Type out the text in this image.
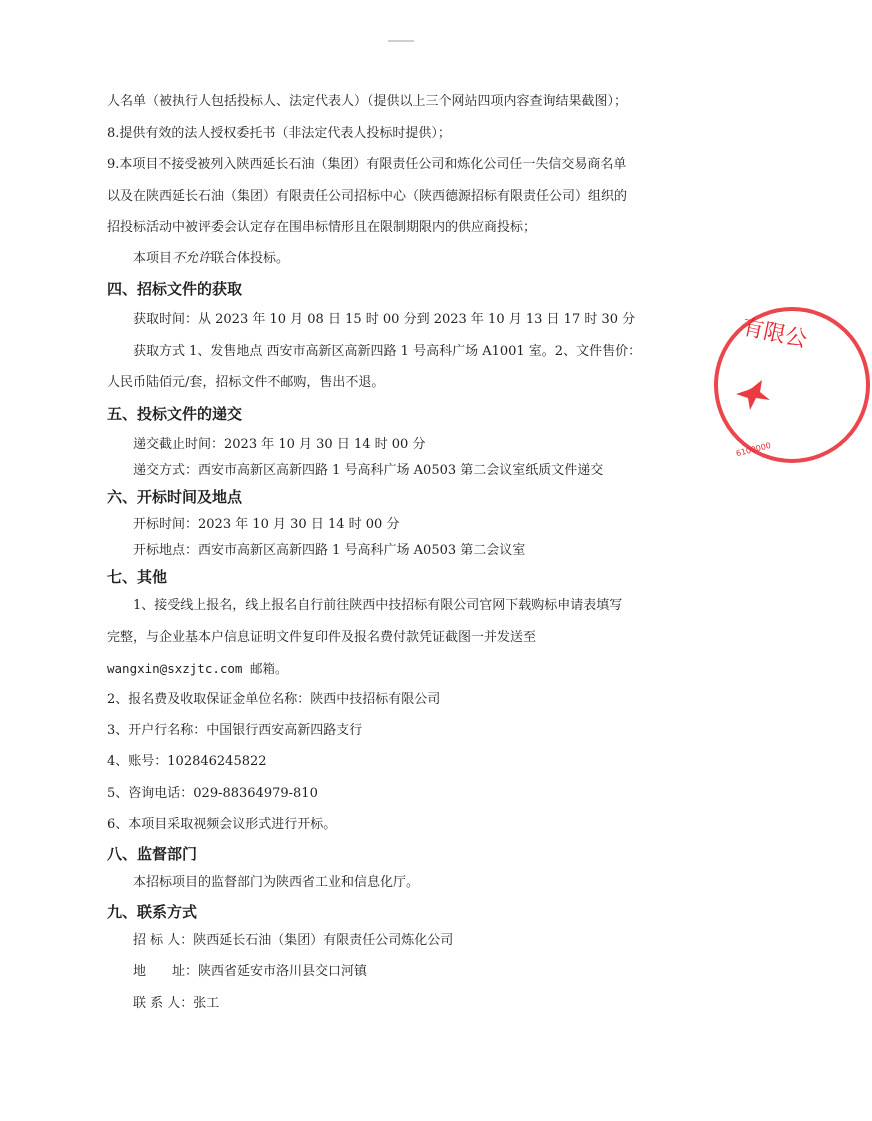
人名单（被执行人包括投标人、法定代表人）（提供以上三个网站四项内容查询结果截图）；
8.提供有效的法人授权委托书（非法定代表人投标时提供）；
9.本项目不接受被列入陕西延长石油（集团）有限责任公司和炼化公司任一失信交易商名单
以及在陕西延长石油（集团）有限责任公司招标中心（陕西德源招标有限责任公司）组织的
招投标活动中被评委会认定存在围串标情形且在限制期限内的供应商投标；
本项目不允许联合体投标。
四、招标文件的获取
获取时间：从 2023 年 10 月 08 日 15 时 00 分到 2023 年 10 月 13 日 17 时 30 分
获取方式 1、发售地点 西安市高新区高新四路 1 号高科广场 A1001 室。2、文件售价：
人民币陆佰元/套，招标文件不邮购，售出不退。
五、投标文件的递交
递交截止时间：2023 年 10 月 30 日 14 时 00 分
递交方式：西安市高新区高新四路 1 号高科广场 A0503 第二会议室纸质文件递交
六、开标时间及地点
开标时间：2023 年 10 月 30 日 14 时 00 分
开标地点：西安市高新区高新四路 1 号高科广场 A0503 第二会议室
七、其他
1、接受线上报名，线上报名自行前往陕西中技招标有限公司官网下载购标申请表填写
完整，与企业基本户信息证明文件复印件及报名费付款凭证截图一并发送至
wangxin@sxzjtc.com 邮箱。
2、报名费及收取保证金单位名称：陕西中技招标有限公司
3、开户行名称：中国银行西安高新四路支行
4、账号：102846245822
5、咨询电话：029-88364979-810
6、本项目采取视频会议形式进行开标。
八、监督部门
本招标项目的监督部门为陕西省工业和信息化厅。
九、联系方式
招 标 人：陕西延长石油（集团）有限责任公司炼化公司
地　　址：陕西省延安市洛川县交口河镇
联 系 人：张工
有限公
6100000
